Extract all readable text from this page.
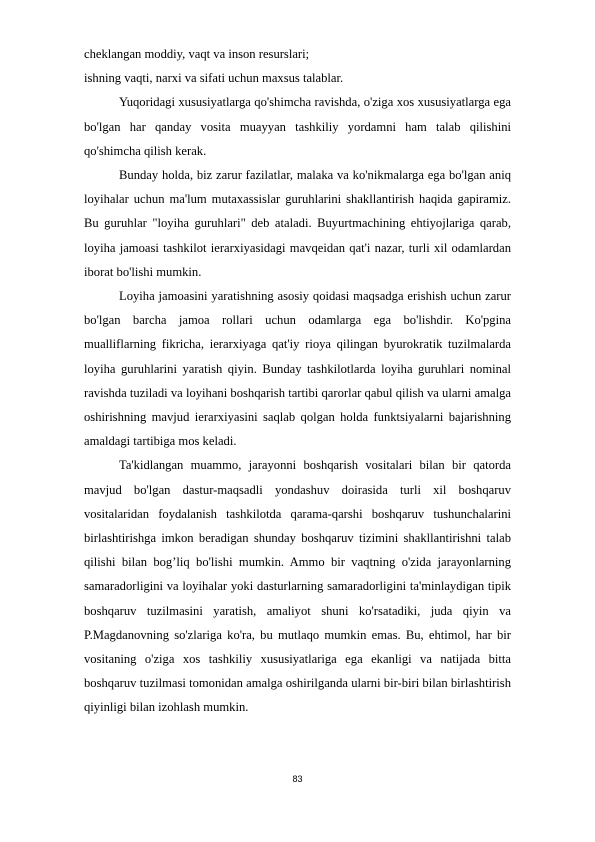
cheklangan moddiy, vaqt va inson resurslari;

ishning vaqti, narxi va sifati uchun maxsus talablar.

Yuqoridagi xususiyatlarga qo'shimcha ravishda, o'ziga xos xususiyatlarga ega bo'lgan har qanday vosita muayyan tashkiliy yordamni ham talab qilishini qo'shimcha qilish kerak.

Bunday holda, biz zarur fazilatlar, malaka va ko'nikmalarga ega bo'lgan aniq loyihalar uchun ma'lum mutaxassislar guruhlarini shakllantirish haqida gapiramiz. Bu guruhlar "loyiha guruhlari" deb ataladi. Buyurtmachining ehtiyojlariga qarab, loyiha jamoasi tashkilot ierarxiyasidagi mavqeidan qat'i nazar, turli xil odamlardan iborat bo'lishi mumkin.

Loyiha jamoasini yaratishning asosiy qoidasi maqsadga erishish uchun zarur bo'lgan barcha jamoa rollari uchun odamlarga ega bo'lishdir. Ko'pgina mualliflarning fikricha, ierarxiyaga qat'iy rioya qilingan byurokratik tuzilmalarda loyiha guruhlarini yaratish qiyin. Bunday tashkilotlarda loyiha guruhlari nominal ravishda tuziladi va loyihani boshqarish tartibi qarorlar qabul qilish va ularni amalga oshirishning mavjud ierarxiyasini saqlab qolgan holda funktsiyalarni bajarishning amaldagi tartibiga mos keladi.

Ta'kidlangan muammo, jarayonni boshqarish vositalari bilan bir qatorda mavjud bo'lgan dastur-maqsadli yondashuv doirasida turli xil boshqaruv vositalaridan foydalanish tashkilotda qarama-qarshi boshqaruv tushunchalarini birlashtirishga imkon beradigan shunday boshqaruv tizimini shakllantirishni talab qilishi bilan bog’liq bo'lishi mumkin. Ammo bir vaqtning o'zida jarayonlarning samaradorligini va loyihalar yoki dasturlarning samaradorligini ta'minlaydigan tipik boshqaruv tuzilmasini yaratish, amaliyot shuni ko'rsatadiki, juda qiyin va P.Magdanovning so'zlariga ko'ra, bu mutlaqo mumkin emas. Bu, ehtimol, har bir vositaning o'ziga xos tashkiliy xususiyatlariga ega ekanligi va natijada bitta boshqaruv tuzilmasi tomonidan amalga oshirilganda ularni bir-biri bilan birlashtirish qiyinligi bilan izohlash mumkin.

83
